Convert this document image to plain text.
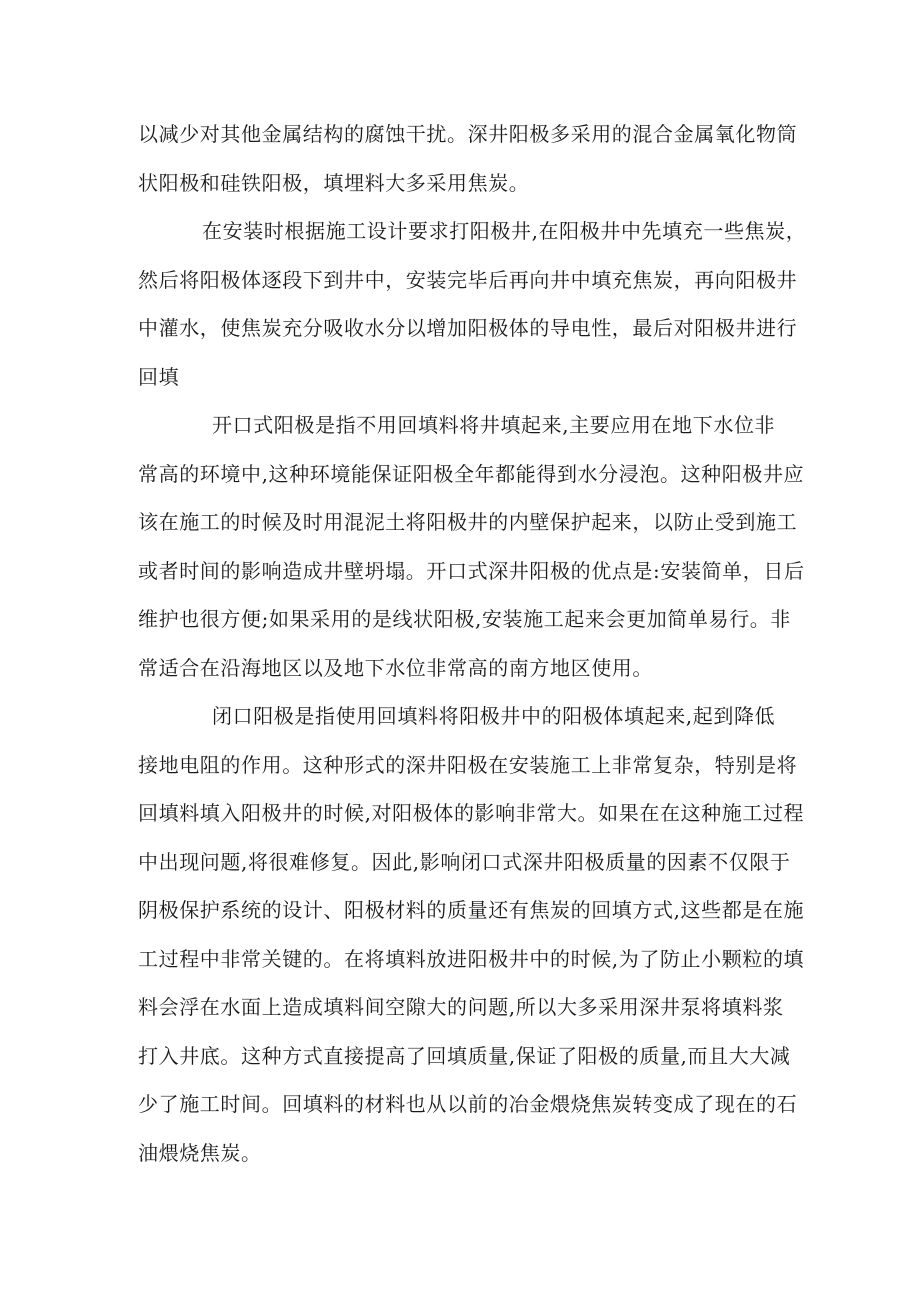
以减少对其他金属结构的腐蚀干扰。深井阳极多采用的混合金属氧化物筒
状阳极和硅铁阳极，填埋料大多采用焦炭。
在安装时根据施工设计要求打阳极井,在阳极井中先填充一些焦炭，
然后将阳极体逐段下到井中，安装完毕后再向井中填充焦炭，再向阳极井
中灌水，使焦炭充分吸收水分以增加阳极体的导电性，最后对阳极井进行
回填
开口式阳极是指不用回填料将井填起来,主要应用在地下水位非
常高的环境中,这种环境能保证阳极全年都能得到水分浸泡。这种阳极井应
该在施工的时候及时用混泥土将阳极井的内壁保护起来，以防止受到施工
或者时间的影响造成井壁坍塌。开口式深井阳极的优点是:安装简单，日后
维护也很方便;如果采用的是线状阳极,安装施工起来会更加简单易行。非
常适合在沿海地区以及地下水位非常高的南方地区使用。
闭口阳极是指使用回填料将阳极井中的阳极体填起来,起到降低
接地电阻的作用。这种形式的深井阳极在安装施工上非常复杂，特别是将
回填料填入阳极井的时候,对阳极体的影响非常大。如果在在这种施工过程
中出现问题,将很难修复。因此,影响闭口式深井阳极质量的因素不仅限于
阴极保护系统的设计、阳极材料的质量还有焦炭的回填方式,这些都是在施
工过程中非常关键的。在将填料放进阳极井中的时候,为了防止小颗粒的填
料会浮在水面上造成填料间空隙大的问题,所以大多采用深井泵将填料浆
打入井底。这种方式直接提高了回填质量,保证了阳极的质量,而且大大减
少了施工时间。回填料的材料也从以前的冶金煨烧焦炭转变成了现在的石
油煨烧焦炭。
